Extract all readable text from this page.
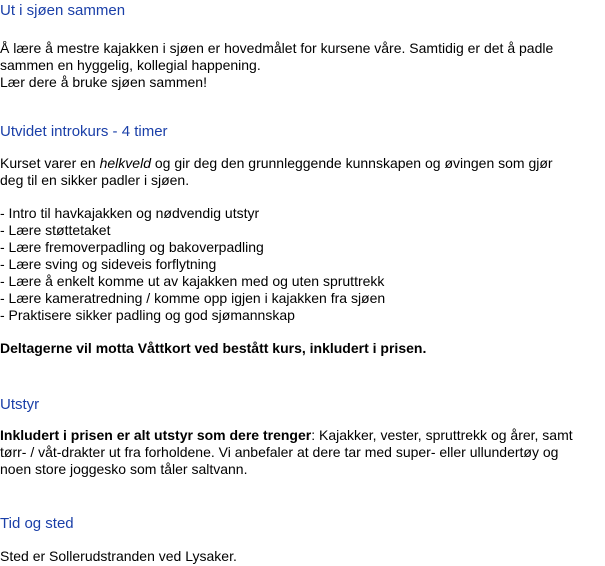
Ut i sjøen sammen

Å lære å mestre kajakken i sjøen er hovedmålet for kursene våre. Samtidig er det å padle
sammen en hyggelig, kollegial happening.
Lær dere å bruke sjøen sammen!

Utvidet introkurs - 4 timer

Kurset varer en helkveld og gir deg den grunnleggende kunnskapen og øvingen som gjør
deg til en sikker padler i sjøen.

- Intro til havkajakken og nødvendig utstyr
- Lære støttetaket
- Lære fremoverpadling og bakoverpadling
- Lære sving og sideveis forflytning
- Lære å enkelt komme ut av kajakken med og uten spruttrekk
- Lære kameratredning / komme opp igjen i kajakken fra sjøen
- Praktisere sikker padling og god sjømannskap

Deltagerne vil motta Våttkort ved bestått kurs, inkludert i prisen.

Utstyr

Inkludert i prisen er alt utstyr som dere trenger: Kajakker, vester, spruttrekk og årer, samt
tørr- / våt-drakter ut fra forholdene. Vi anbefaler at dere tar med super- eller ullundertøy og
noen store joggesko som tåler saltvann.

Tid og sted

Sted er Sollerudstranden ved Lysaker.
